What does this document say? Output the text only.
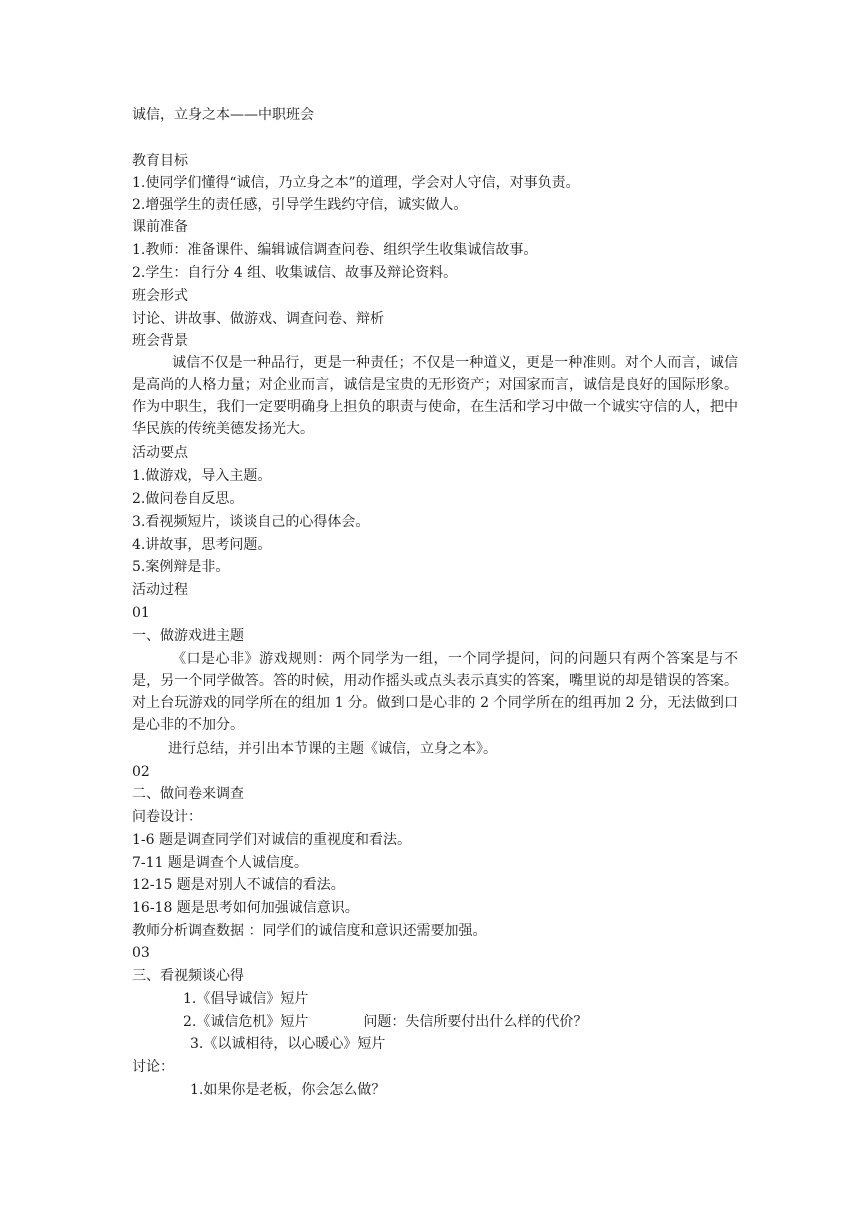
诚信，立身之本——中职班会

教育目标

1.使同学们懂得“诚信，乃立身之本”的道理，学会对人守信，对事负责。

2.增强学生的责任感，引导学生践约守信，诚实做人。

课前准备

1.教师：准备课件、编辑诚信调查问卷、组织学生收集诚信故事。

2.学生：自行分 4 组、收集诚信、故事及辩论资料。

班会形式

讨论、讲故事、做游戏、调查问卷、辩析

班会背景

诚信不仅是一种品行，更是一种责任；不仅是一种道义，更是一种准则。对个人而言，诚信是高尚的人格力量；对企业而言，诚信是宝贵的无形资产；对国家而言，诚信是良好的国际形象。作为中职生，我们一定要明确身上担负的职责与使命，在生活和学习中做一个诚实守信的人，把中华民族的传统美德发扬光大。

活动要点

1.做游戏，导入主题。

2.做问卷自反思。

3.看视频短片，谈谈自己的心得体会。

4.讲故事，思考问题。

5.案例辩是非。

活动过程

01

一、做游戏进主题

《口是心非》游戏规则：两个同学为一组，一个同学提问，问的问题只有两个答案是与不是，另一个同学做答。答的时候，用动作摇头或点头表示真实的答案，嘴里说的却是错误的答案。对上台玩游戏的同学所在的组加 1 分。做到口是心非的 2 个同学所在的组再加 2 分，无法做到口是心非的不加分。

进行总结，并引出本节课的主题《诚信，立身之本》。

02

二、做问卷来调查

问卷设计：

1-6 题是调查同学们对诚信的重视度和看法。

7-11 题是调查个人诚信度。

12-15 题是对别人不诚信的看法。

16-18 题是思考如何加强诚信意识。

教师分析调查数据 ：同学们的诚信度和意识还需要加强。

03

三、看视频谈心得

1.《倡导诚信》短片

2.《诚信危机》短片	问题：失信所要付出什么样的代价？

3.《以诚相待，以心暖心》短片

讨论：

1.如果你是老板，你会怎么做？
